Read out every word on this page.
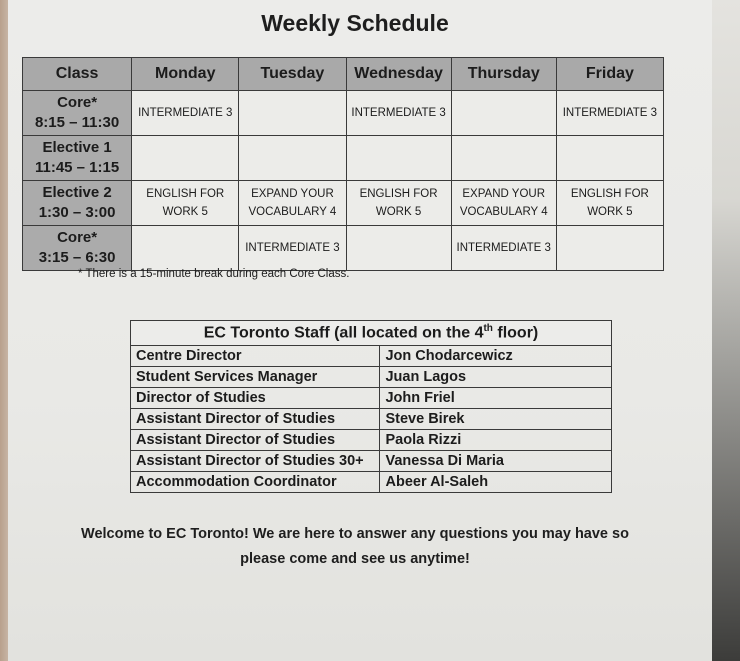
Weekly Schedule
Class	Monday	Tuesday	Wednesday	Thursday	Friday

Core*
8:15 – 11:30	INTERMEDIATE 3		INTERMEDIATE 3		INTERMEDIATE 3

Elective 1
11:45 – 1:15					

Elective 2
1:30 – 3:00	ENGLISH FOR WORK 5	EXPAND YOUR VOCABULARY 4	ENGLISH FOR WORK 5	EXPAND YOUR VOCABULARY 4	ENGLISH FOR WORK 5

Core*
3:15 – 6:30		INTERMEDIATE 3		INTERMEDIATE 3	
* There is a 15-minute break during each Core Class.
EC Toronto Staff (all located on the 4th floor)	
Centre Director	Jon Chodarcewicz
Student Services Manager	Juan Lagos
Director of Studies	John Friel
Assistant Director of Studies	Steve Birek
Assistant Director of Studies	Paola Rizzi
Assistant Director of Studies 30+	Vanessa Di Maria
Accommodation Coordinator	Abeer Al-Saleh
Welcome to EC Toronto! We are here to answer any questions you may have so
please come and see us anytime!
